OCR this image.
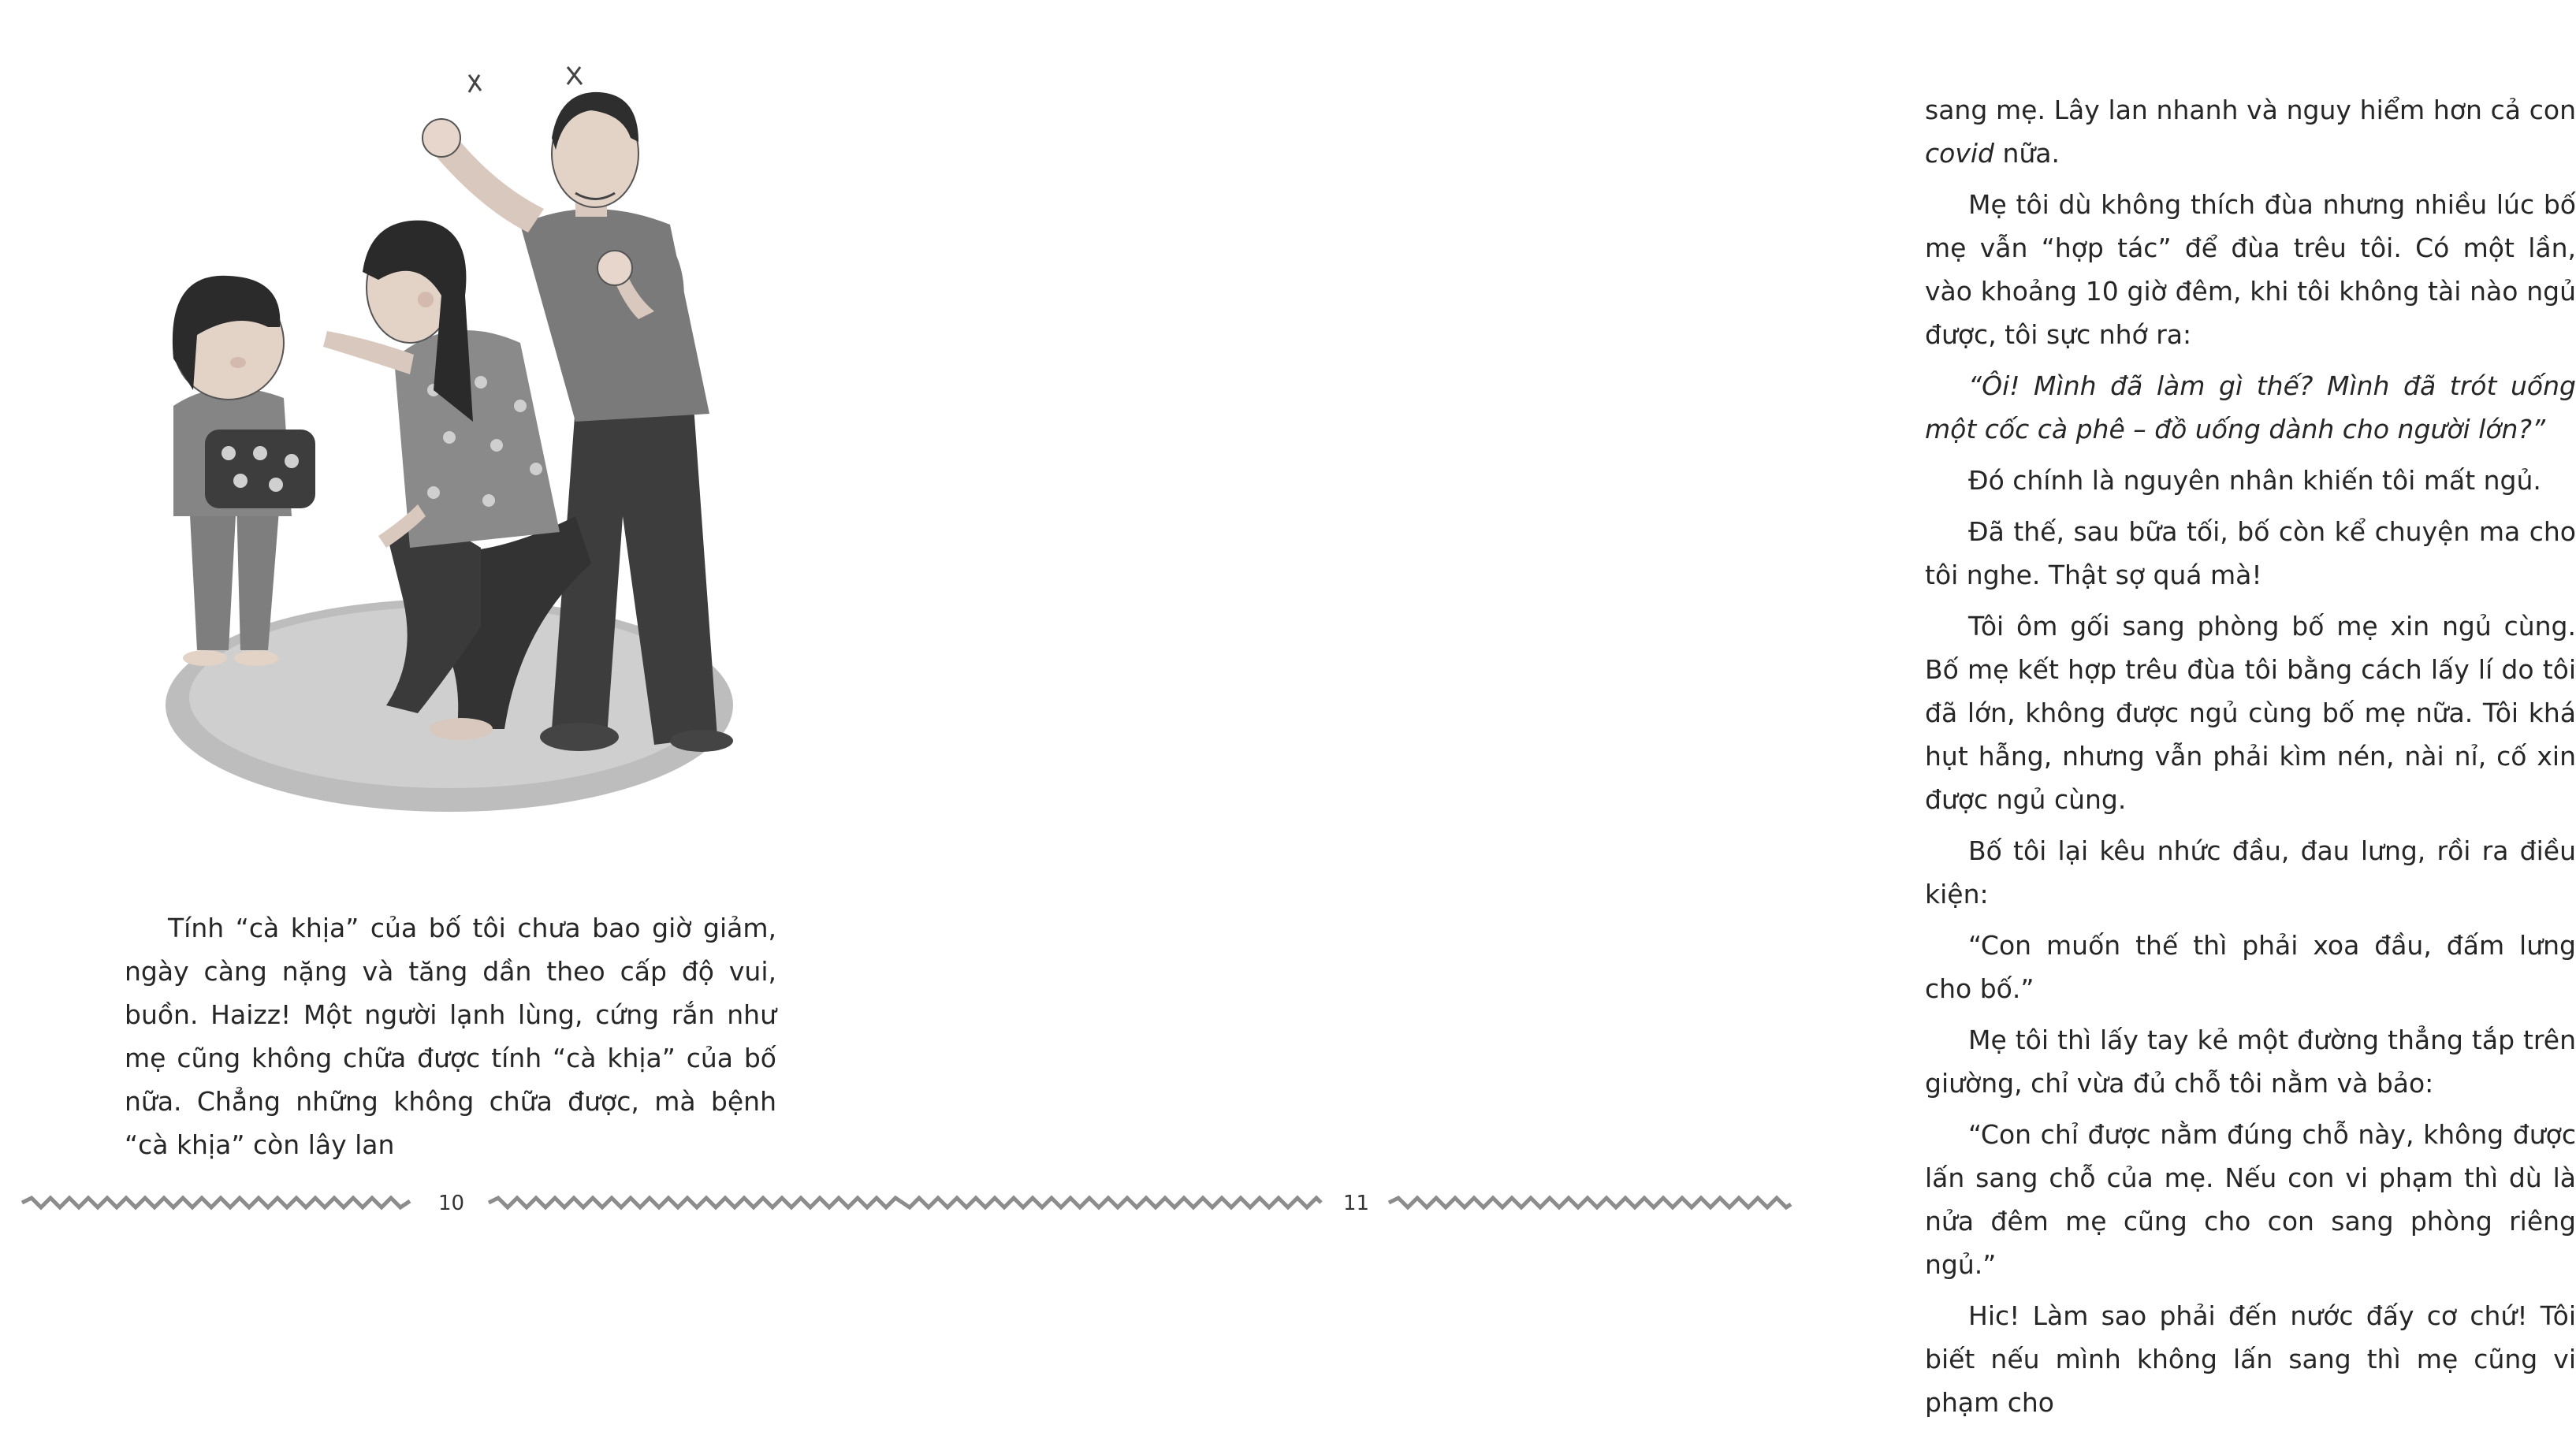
Tính “cà khịa” của bố tôi chưa bao giờ giảm, ngày càng nặng và tăng dần theo cấp độ vui, buồn. Haizz! Một người lạnh lùng, cứng rắn như mẹ cũng không chữa được tính “cà khịa” của bố nữa. Chẳng những không chữa được, mà bệnh “cà khịa” còn lây lan

10

sang mẹ. Lây lan nhanh và nguy hiểm hơn cả con covid nữa.

Mẹ tôi dù không thích đùa nhưng nhiều lúc bố mẹ vẫn “hợp tác” để đùa trêu tôi. Có một lần, vào khoảng 10 giờ đêm, khi tôi không tài nào ngủ được, tôi sực nhớ ra:

“Ôi! Mình đã làm gì thế? Mình đã trót uống một cốc cà phê – đồ uống dành cho người lớn?”

Đó chính là nguyên nhân khiến tôi mất ngủ.

Đã thế, sau bữa tối, bố còn kể chuyện ma cho tôi nghe. Thật sợ quá mà!

Tôi ôm gối sang phòng bố mẹ xin ngủ cùng. Bố mẹ kết hợp trêu đùa tôi bằng cách lấy lí do tôi đã lớn, không được ngủ cùng bố mẹ nữa. Tôi khá hụt hẫng, nhưng vẫn phải kìm nén, nài nỉ, cố xin được ngủ cùng.

Bố tôi lại kêu nhức đầu, đau lưng, rồi ra điều kiện:

“Con muốn thế thì phải xoa đầu, đấm lưng cho bố.”

Mẹ tôi thì lấy tay kẻ một đường thẳng tắp trên giường, chỉ vừa đủ chỗ tôi nằm và bảo:

“Con chỉ được nằm đúng chỗ này, không được lấn sang chỗ của mẹ. Nếu con vi phạm thì dù là nửa đêm mẹ cũng cho con sang phòng riêng ngủ.”

Hic! Làm sao phải đến nước đấy cơ chứ! Tôi biết nếu mình không lấn sang thì mẹ cũng vi phạm cho

11
